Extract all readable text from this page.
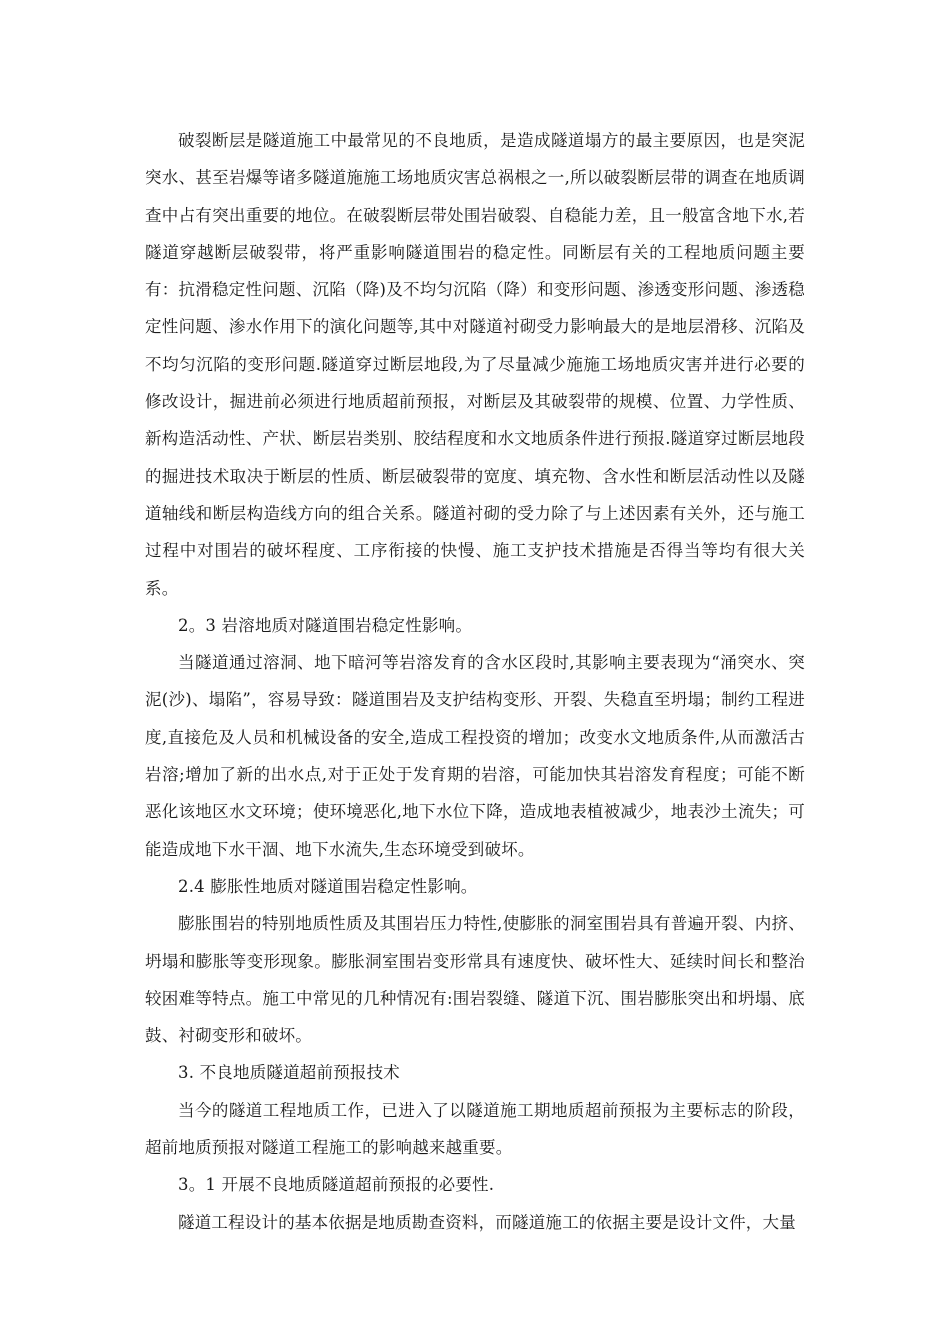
破裂断层是隧道施工中最常见的不良地质，是造成隧道塌方的最主要原因，也是突泥突水、甚至岩爆等诸多隧道施施工场地质灾害总祸根之一,所以破裂断层带的调查在地质调查中占有突出重要的地位。在破裂断层带处围岩破裂、自稳能力差，且一般富含地下水,若隧道穿越断层破裂带，将严重影响隧道围岩的稳定性。同断层有关的工程地质问题主要有：抗滑稳定性问题、沉陷（降)及不均匀沉陷（降）和变形问题、渗透变形问题、渗透稳定性问题、渗水作用下的演化问题等,其中对隧道衬砌受力影响最大的是地层滑移、沉陷及不均匀沉陷的变形问题.隧道穿过断层地段,为了尽量减少施施工场地质灾害并进行必要的修改设计，掘进前必须进行地质超前预报，对断层及其破裂带的规模、位置、力学性质、新构造活动性、产状、断层岩类别、胶结程度和水文地质条件进行预报.隧道穿过断层地段的掘进技术取决于断层的性质、断层破裂带的宽度、填充物、含水性和断层活动性以及隧道轴线和断层构造线方向的组合关系。隧道衬砌的受力除了与上述因素有关外，还与施工过程中对围岩的破坏程度、工序衔接的快慢、施工支护技术措施是否得当等均有很大关系。

2。3 岩溶地质对隧道围岩稳定性影响。

当隧道通过溶洞、地下暗河等岩溶发育的含水区段时,其影响主要表现为“涌突水、突泥(沙)、塌陷”，容易导致：隧道围岩及支护结构变形、开裂、失稳直至坍塌；制约工程进度,直接危及人员和机械设备的安全,造成工程投资的增加；改变水文地质条件,从而激活古岩溶;增加了新的出水点,对于正处于发育期的岩溶，可能加快其岩溶发育程度；可能不断恶化该地区水文环境；使环境恶化,地下水位下降，造成地表植被减少，地表沙土流失；可能造成地下水干涸、地下水流失,生态环境受到破坏。

2.4 膨胀性地质对隧道围岩稳定性影响。

膨胀围岩的特别地质性质及其围岩压力特性,使膨胀的洞室围岩具有普遍开裂、内挤、坍塌和膨胀等变形现象。膨胀洞室围岩变形常具有速度快、破坏性大、延续时间长和整治较困难等特点。施工中常见的几种情况有:围岩裂缝、隧道下沉、围岩膨胀突出和坍塌、底鼓、衬砌变形和破坏。

3. 不良地质隧道超前预报技术

当今的隧道工程地质工作，已进入了以隧道施工期地质超前预报为主要标志的阶段，超前地质预报对隧道工程施工的影响越来越重要。

3。1 开展不良地质隧道超前预报的必要性.

隧道工程设计的基本依据是地质勘查资料，而隧道施工的依据主要是设计文件，大量
